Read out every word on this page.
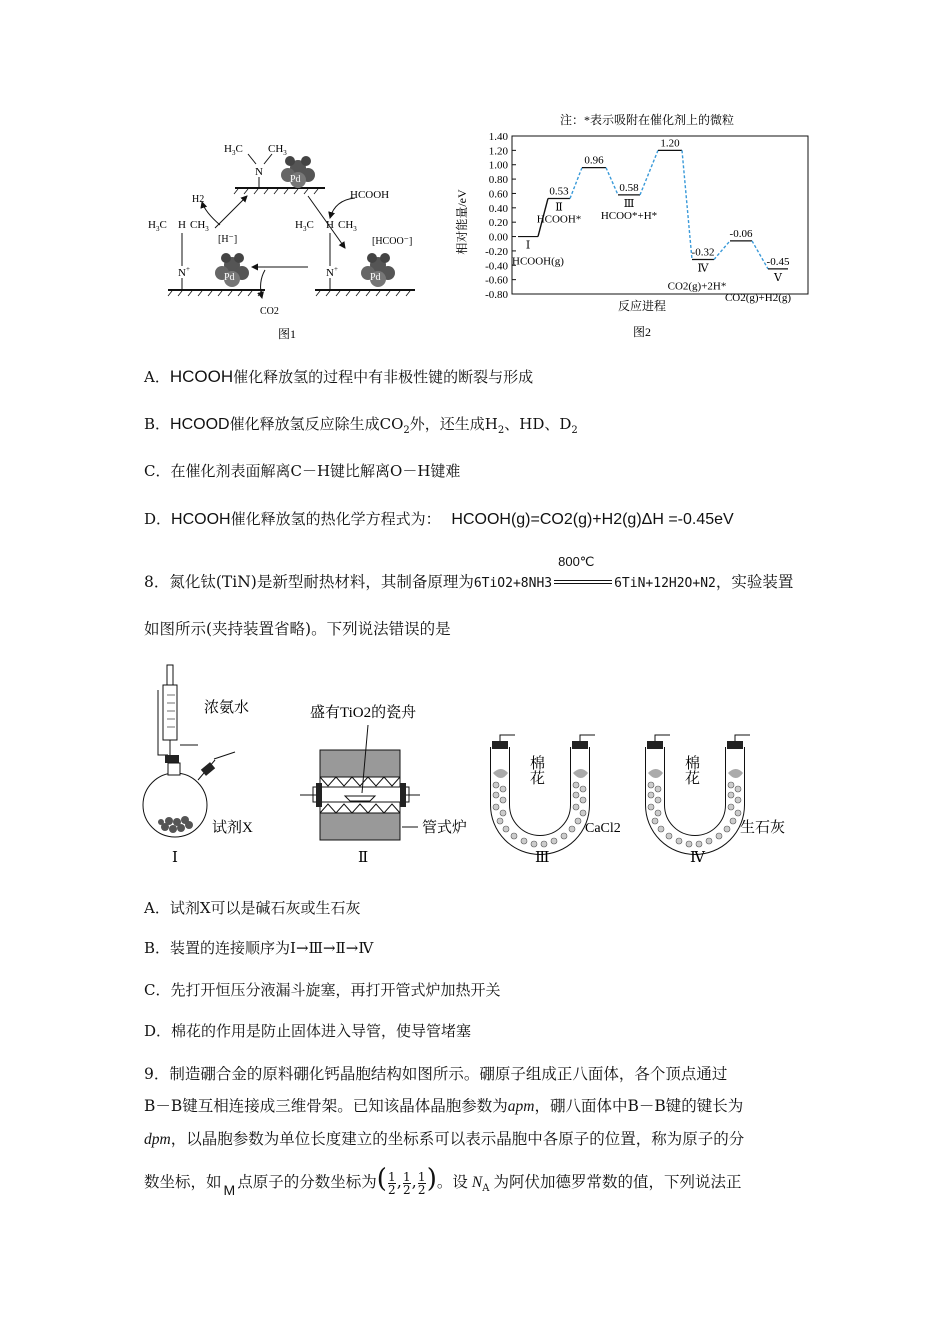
$H_3C$ $CH_3$
N
Pd
$H_3C$ H $CH_3$
N+
Pd
[H⁻]
$H_3C$ H $CH_3$
N+
Pd
[HCOO⁻]
H2	HCOOH
CO2
图1
注：*表示吸附在催化剂上的微粒
1.40
1.20
1.00
0.80
0.60
0.40
0.20
0.00
-0.20
-0.40
-0.60
-0.80
0.53
0.96
0.58
1.20
-0.32
-0.06
-0.45
Ⅰ
HCOOH(g)
Ⅱ
HCOOH*
Ⅲ
HCOO*+H*
Ⅳ
CO2(g)+2H*
Ⅴ
CO2(g)+H2(g)
相对能量/eV
反应进程
图2
A．HCOOH催化释放氢的过程中有非极性键的断裂与形成
B．HCOOD催化释放氢反应除生成$CO_2$外，还生成$H_2$、HD、$D_2$
C．在催化剂表面解离C－H键比解离O－H键难
D．HCOOH催化释放氢的热化学方程式为： HCOOH(g)=CO2(g)+H2(g)ΔH =-0.45eV
8．氮化钛(TiN)是新型耐热材料，其制备原理为6TiO2+8NH3
800℃
6TiN+12H2O+N2，实验装置
如图所示(夹持装置省略)。下列说法错误的是
浓氨水
试剂X
Ⅰ
盛有TiO2的瓷舟
管式炉
Ⅱ
棉花
CaCl2
Ⅲ
棉花
生石灰
Ⅳ
A．试剂X可以是碱石灰或生石灰
B．装置的连接顺序为Ⅰ→Ⅲ→Ⅱ→Ⅳ
C．先打开恒压分液漏斗旋塞，再打开管式炉加热开关
D．棉花的作用是防止固体进入导管，使导管堵塞
9．制造硼合金的原料硼化钙晶胞结构如图所示。硼原子组成正八面体，各个顶点通过
B－B键互相连接成三维骨架。已知该晶体晶胞参数为apm，硼八面体中B－B键的键长为
dpm，以晶胞参数为单位长度建立的坐标系可以表示晶胞中各原子的位置，称为原子的分
数坐标，如 M 点原子的分数坐标为( $\frac{1}{2}$ , $\frac{1}{2}$ , $\frac{1}{2}$ )。设 $N_A$ 为阿伏加德罗常数的值，下列说法正
